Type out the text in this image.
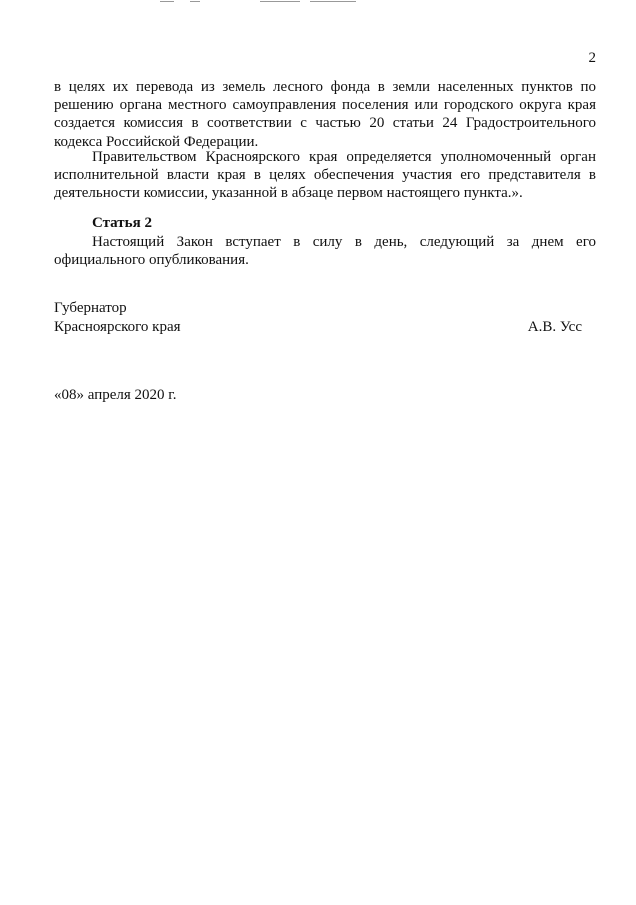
2

в целях их перевода из земель лесного фонда в земли населенных пунктов по решению органа местного самоуправления поселения или городского округа края создается комиссия в соответствии с частью 20 статьи 24 Градостроительного кодекса Российской Федерации.

Правительством Красноярского края определяется уполномоченный орган исполнительной власти края в целях обеспечения участия его представителя в деятельности комиссии, указанной в абзаце первом настоящего пункта.».

Статья 2

Настоящий Закон вступает в силу в день, следующий за днем его официального опубликования.

Губернатор
Красноярского края	А.В. Усс
«08» апреля 2020 г.
